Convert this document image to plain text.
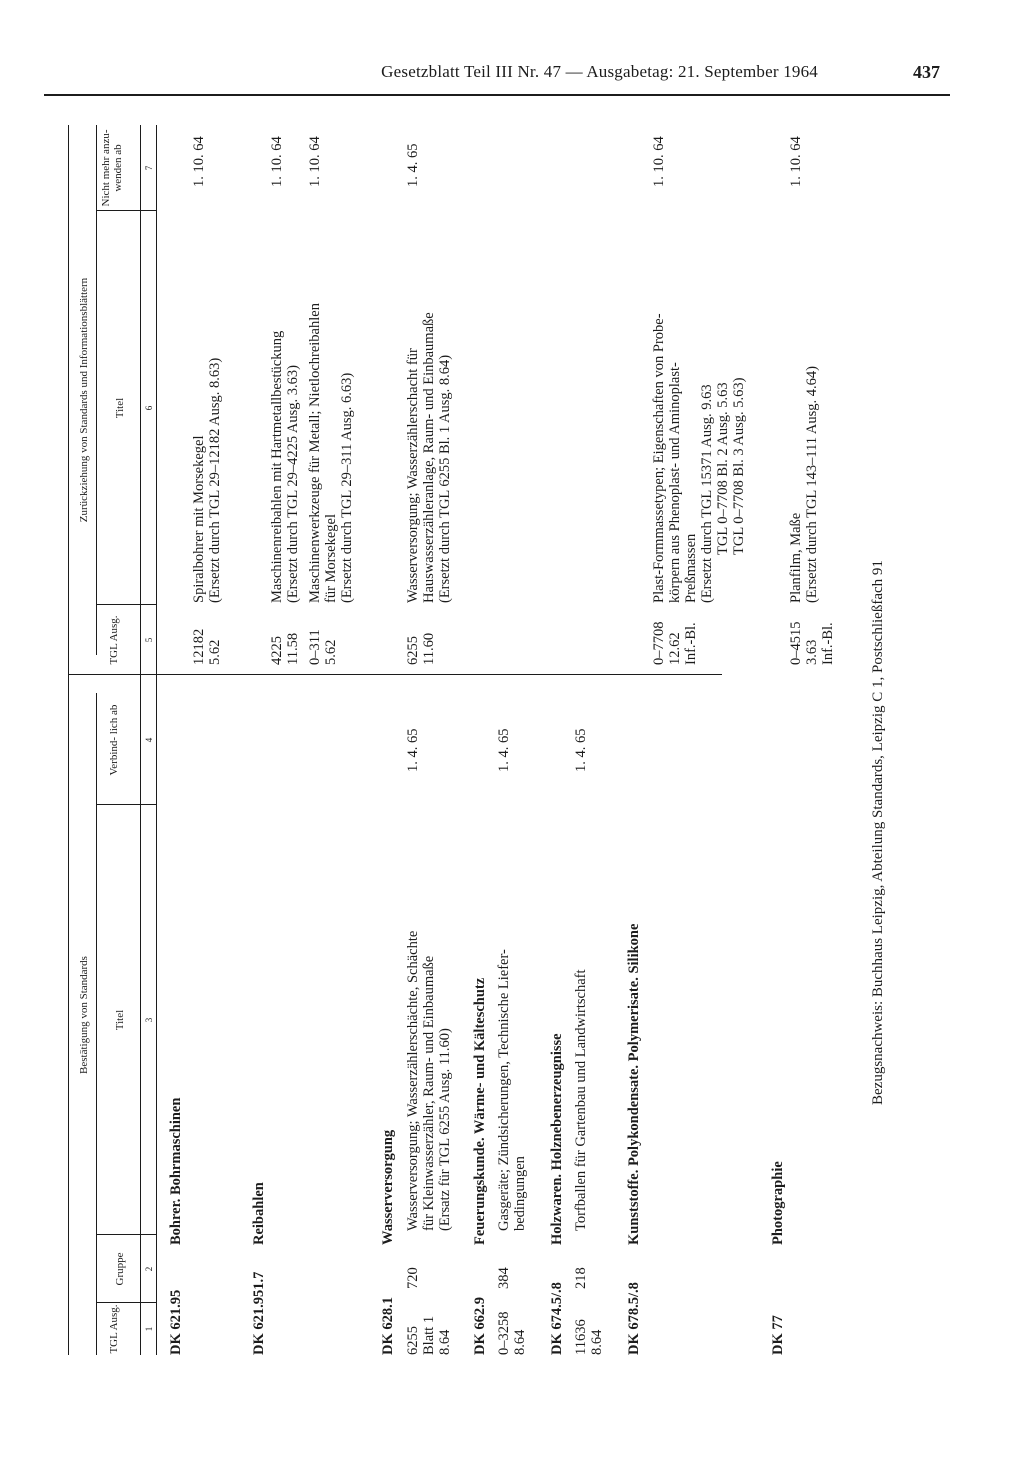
Gesetzblatt Teil III Nr. 47 — Ausgabetag: 21. September 1964	437
Bestätigung von Standards
Zurückziehung von Standards und Informationsblättern
TGL Ausg.
Gruppe
Titel
Verbind- lich ab
TGL Ausg.
Titel
Nicht mehr anzu- wenden ab
1
2
3
4
5
6
7
DK 621.95
Bohrer. Bohrmaschinen
12182 5.62
Spiralbohrer mit Morsekegel (Ersetzt durch TGL 29–12182 Ausg. 8.63)
1. 10. 64
DK 621.951.7
Reibahlen
4225 11.58
Maschinenreibahlen mit Hartmetallbestückung (Ersetzt durch TGL 29–4225 Ausg. 3.63)
1. 10. 64
0–311 5.62
Maschinenwerkzeuge für Metall; Nietlochreibahlen für Morsekegel (Ersetzt durch TGL 29–311 Ausg. 6.63)
1. 10. 64
DK 628.1
Wasserversorgung
6255 Blatt 1 8.64
720
Wasserversorgung; Wasserzählerschächte, Schächte für Kleinwasserzähler, Raum- und Einbaumaße (Ersatz für TGL 6255 Ausg. 11.60)
1. 4. 65
6255 11.60
Wasserversorgung; Wasserzählerschacht für Hauswasserzähleranlage, Raum- und Einbaumaße (Ersetzt durch TGL 6255 Bl. 1 Ausg. 8.64)
1. 4. 65
DK 662.9
Feuerungskunde. Wärme- und Kälteschutz
0–3258 8.64
384
Gasgeräte; Zündsicherungen, Technische Liefer- bedingungen
1. 4. 65
DK 674.5/.8
Holzwaren. Holznebenerzeugnisse
11636 8.64
218
Torfballen für Gartenbau und Landwirtschaft
1. 4. 65
DK 678.5/.8
Kunststoffe. Polykondensate. Polymerisate. Silikone
0–7708 12.62 Inf.-Bl.
Plast-Formmassetypen; Eigenschaften von Probe- körpern aus Phenoplast- und Aminoplast- Preßmassen (Ersetzt durch TGL 15371 Ausg. 9.63 TGL 0–7708 Bl. 2 Ausg. 5.63 TGL 0–7708 Bl. 3 Ausg. 5.63)
1. 10. 64
DK 77
Photographie
0–4515 3.63 Inf.-Bl.
Planfilm, Maße (Ersetzt durch TGL 143–111 Ausg. 4.64)
1. 10. 64
Bezugsnachweis: Buchhaus Leipzig, Abteilung Standards, Leipzig C 1, Postschließfach 91
